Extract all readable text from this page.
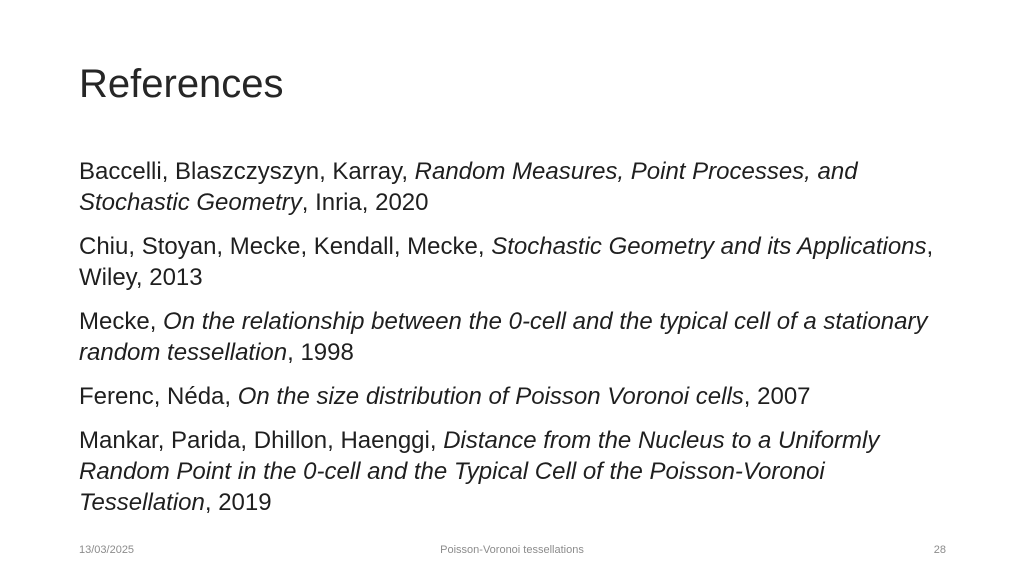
References
Baccelli, Blaszczyszyn, Karray, Random Measures, Point Processes, and Stochastic Geometry, Inria, 2020
Chiu, Stoyan, Mecke, Kendall, Mecke, Stochastic Geometry and its Applications, Wiley, 2013
Mecke, On the relationship between the 0-cell and the typical cell of a stationary random tessellation, 1998
Ferenc, Néda, On the size distribution of Poisson Voronoi cells, 2007
Mankar, Parida, Dhillon, Haenggi, Distance from the Nucleus to a Uniformly Random Point in the 0-cell and the Typical Cell of the Poisson-Voronoi Tessellation, 2019
13/03/2025	Poisson-Voronoi tessellations	28
